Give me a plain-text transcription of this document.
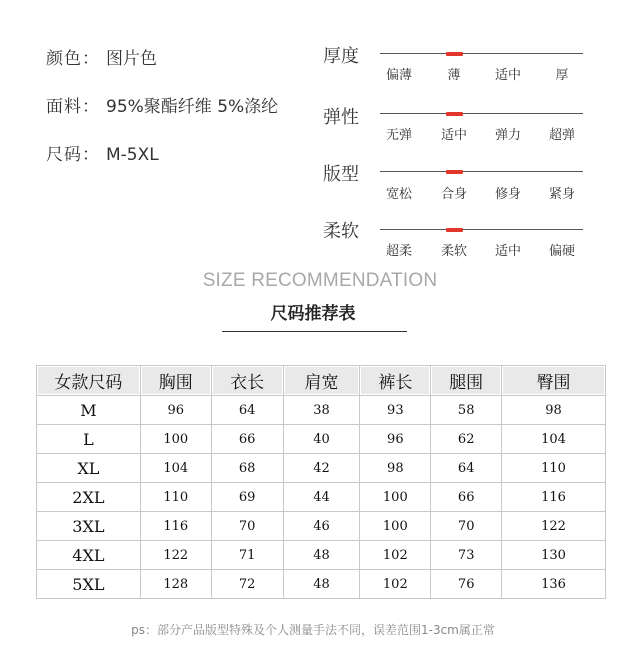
颜色： 图片色
面料： 95%聚酯纤维 5%涤纶
尺码： M-5XL
厚度
偏薄	薄	适中	厚
弹性
无弹	适中	弹力	超弹
版型
宽松	合身	修身	紧身
柔软
超柔	柔软	适中	偏硬
SIZE RECOMMENDATION
尺码推荐表
女款尺码	胸围	衣长	肩宽	裤长	腿围	臀围
M	96	64	38	93	58	98
L	100	66	40	96	62	104
XL	104	68	42	98	64	110
2XL	110	69	44	100	66	116
3XL	116	70	46	100	70	122
4XL	122	71	48	102	73	130
5XL	128	72	48	102	76	136
ps：部分产品版型特殊及个人测量手法不同，误差范围1-3cm属正常
